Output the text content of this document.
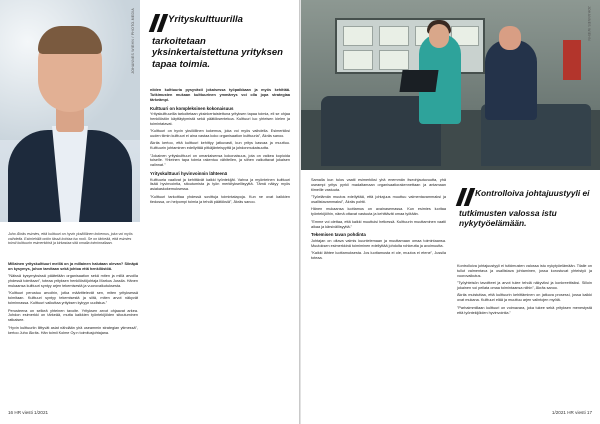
JOHANNES WIEHN / PHOTO-MEDIA
Juho Äkräs esimies, että kulttuuri on hyvin yksilöllinen kokemus, joka voi myös vaihdella. Esimiehillä onkin tässä kohtaa iso rooli. Se on tärkeää, että esimies toimii kulttuurin esimerkkinä ja kirkastaa sitä omalla toiminnallaan.
Yrityskulttuurilla tarkoitetaan yksinkertaistettuna yrityksen tapaa toimia.

Millainen yrityskulttuuri meillä on ja millainen halutaan olevan? Siinäpä on kysymys, johon tarvitaan sekä johtoa että henkilöstöä.

"Näissä kysymyksissä päätetään organisaation sekä miten ja millä arvoilla yhdessä toimitaan", toteaa yrityksen henkilöstöjohtaja Markus Jussila. Hänen mukaansa kulttuuri syntyy arjen tekemisestä ja vuorovaikutuksesta.

"Kulttuuri perustuu arvoihin, jotka määrittelevät sen, miten yrityksessä toimitaan. Kulttuuri syntyy tekemisestä ja siitä, miten arvot näkyvät toiminnassa. Kulttuuri vaikuttaa yrityksen kykyyn uudistua."

Perusteena on selkeä yhteinen tavoite. Yrityksen arvot ohjaavat arkea. Johdon esimerkki on tärkeää, mutta kaikkien työntekijöiden sitoutuminen ratkaisee.

"Hyvin kulttuuriin liittyvät asiat nähdään yhä useammin strategian ytimessä", kertoo Juho Äkräs. Hän toimii Kolme Oy:n toimitusjohtajana.

niiden kulttuuria pysyvästi jokaisessa työpaikkaan ja myös kehittää. Tutkimusten mukaan kulttuurinen ymmärrys voi olla jopa strategiaa tärkeämpi.

Kulttuuri on kompleksinen kokonaisuus

Yrityskulttuurilla tarkoitetaan yksinkertaistettuna yrityksen tapaa toimia, eli se ohjaa henkilöstön käyttäytymistä sekä päätöksentekoa. Kulttuuri luo yhteisen kielen ja toimintatavat.

"Kulttuuri on hyvin yksilöllinen kokemus, joka voi myös vaihdella. Esimerkiksi uuden tiimin kulttuuri ei aina vastaa koko organisaation kulttuuria", Äkräs sanoo.

Äkräs kertoo, että kulttuuri kehittyy jatkuvasti, kun yritys kasvaa ja muuttuu. Kulttuurin johtaminen edellyttää pitkäjänteisyyttä ja johdonmukaisuutta.

"Jokainen yrityskulttuuri on omanlaisensa kokonaisuus, jota on vaikea kopioida toiselle. Yhteinen tapa toimia rakentuu vähitellen, ja siihen vaikuttavat jokaisen valinnat."

Yrityskulttuuri hyvinvoinnin lähteenä

Kulttuuria vaalivat ja kehittävät kaikki työntekijät. Vahva ja myönteinen kulttuuri lisää hyvinvointia, sitoutumista ja työn merkityksellisyyttä. Tämä näkyy myös asiakaskokemuksessa.

"Kulttuuri tarkoittaa yhdessä sovittuja toimintatapoja. Kun ne ovat kaikkien tiedossa, on helpompi toimia ja tehdä päätöksiä", Äkräs sanoo.

16 HR viesti 1/2021
JOHANNES WIEHN

Samalla kun tulos vaatii esimerkiksi yhä enemmän itseohjautuvuutta, yhä useampi yritys pyrkii madaltamaan organisaatiorakennettaan ja antamaan tiimeille vastuuta.

"Työelämän muutos edellyttää, että johtajuus muuttuu valmentavammaksi ja osallistavammaksi", Äkräs pohtii.

Hänen mukaansa luottamus on avainasemassa. Kun esimies luottaa työntekijöihin, nämä ottavat vastuuta ja kehittävät omaa työtään.

"Emme voi olettaa, että kaikki muuttuisi hetkessä. Kulttuurin muuttaminen vaatii aikaa ja kärsivällisyyttä."

Tekemisen tavan pohdinta

Johtajan on oltava valmis kuuntelemaan ja muuttamaan omaa toimintaansa. Muutoksen esimerkkinä toimiminen edellyttää johdolta rohkeutta ja avoimuutta.

"Kaikki lähtee luottamuksesta. Jos luottamusta ei ole, muutos ei etene", Jussila toteaa.

Kontrolloiva johtajuustyyli ei tutkimusten valossa istu nykytyöelämään.

Kontrolloiva johtajuustyyli ei tutkimusten valossa istu nykytyöelämään. Tilalle on tullut valmentava ja osallistava johtaminen, jossa korostuvat yhteistyö ja vuorovaikutus.

"Työyhteisön tavoitteet ja arvot tulee tehdä näkyviksi ja konkreettisiksi. Silloin jokainen voi peilata omaa toimintaansa niihin", Äkräs sanoo.

Äkräs muistuttaa, että kulttuurin kehittäminen on jatkuva prosessi, jossa kaikki ovat mukana. Kulttuuri elää ja muuttuu arjen valintojen myötä.

"Parhaimmillaan kulttuuri on voimavara, joka tukee sekä yrityksen menestystä että työntekijöiden hyvinvointia."

1/2021 HR viesti 17
